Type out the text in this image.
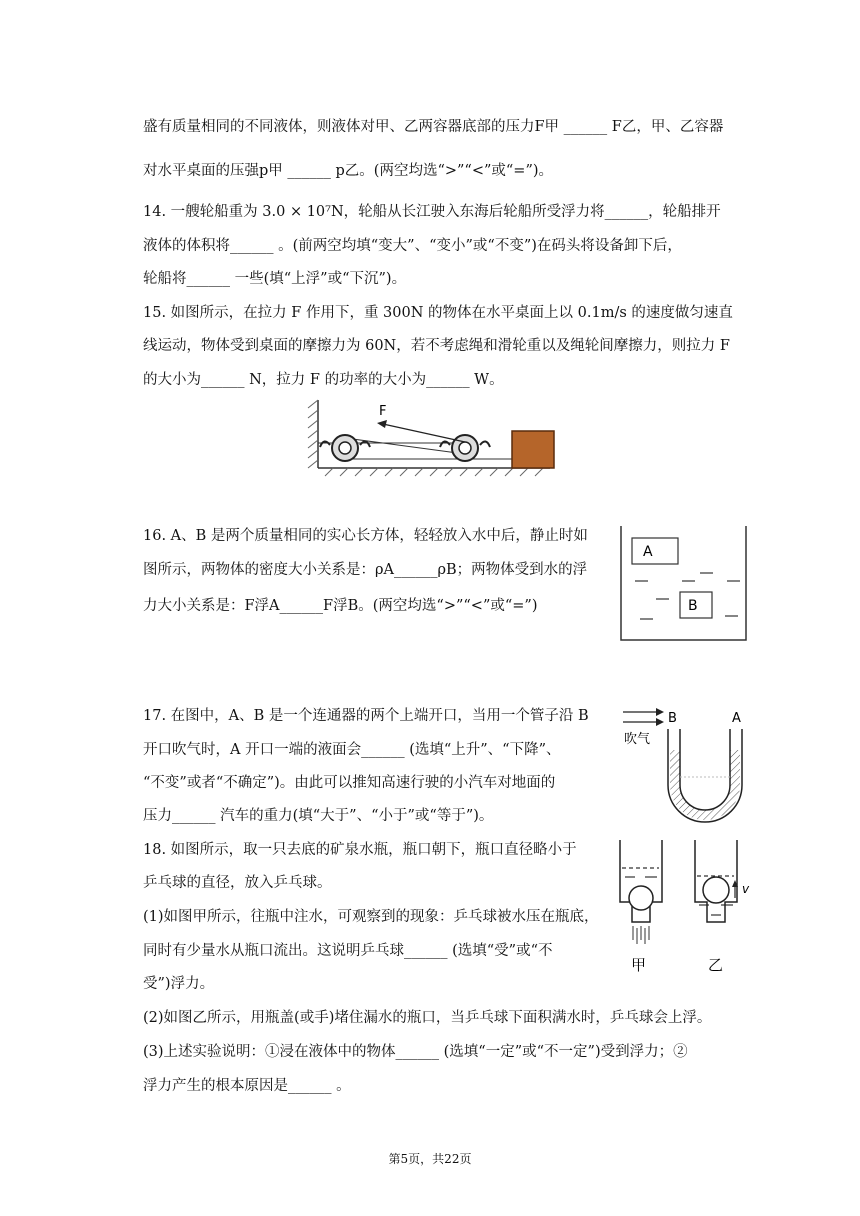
盛有质量相同的不同液体，则液体对甲、乙两容器底部的压力F甲 ______ F乙，甲、乙容器
对水平桌面的压强p甲 ______ p乙。(两空均选“>”“<”或“=”)。
14. 一艘轮船重为 3.0 × 10⁷N，轮船从长江驶入东海后轮船所受浮力将______，轮船排开
液体的体积将______ 。(前两空均填“变大”、“变小”或“不变”)在码头将设备卸下后，
轮船将______ 一些(填“上浮”或“下沉”)。
15. 如图所示，在拉力 F 作用下，重 300N 的物体在水平桌面上以 0.1m/s 的速度做匀速直
线运动，物体受到桌面的摩擦力为 60N，若不考虑绳和滑轮重以及绳轮间摩擦力，则拉力 F
的大小为______ N，拉力 F 的功率的大小为______ W。
F
16. A、B 是两个质量相同的实心长方体，轻轻放入水中后，静止时如
图所示，两物体的密度大小关系是：ρA______ρB；两物体受到水的浮
力大小关系是：F浮A______F浮B。(两空均选“>”“<”或“=”)
A
B
17. 在图中，A、B 是一个连通器的两个上端开口，当用一个管子沿 B
开口吹气时，A 开口一端的液面会______ (选填“上升”、“下降”、
“不变”或者“不确定”)。由此可以推知高速行驶的小汽车对地面的
压力______ 汽车的重力(填“大于”、“小于”或“等于”)。
B	A
吹气
18. 如图所示，取一只去底的矿泉水瓶，瓶口朝下，瓶口直径略小于
乒乓球的直径，放入乒乓球。
(1)如图甲所示，往瓶中注水，可观察到的现象：乒乓球被水压在瓶底，
同时有少量水从瓶口流出。这说明乒乓球______ (选填“受”或“不
受”)浮力。
(2)如图乙所示，用瓶盖(或手)堵住漏水的瓶口，当乒乓球下面积满水时，乒乓球会上浮。
(3)上述实验说明：①浸在液体中的物体______ (选填“一定”或“不一定”)受到浮力；②
浮力产生的根本原因是______ 。
甲
v
乙
第5页，共22页
